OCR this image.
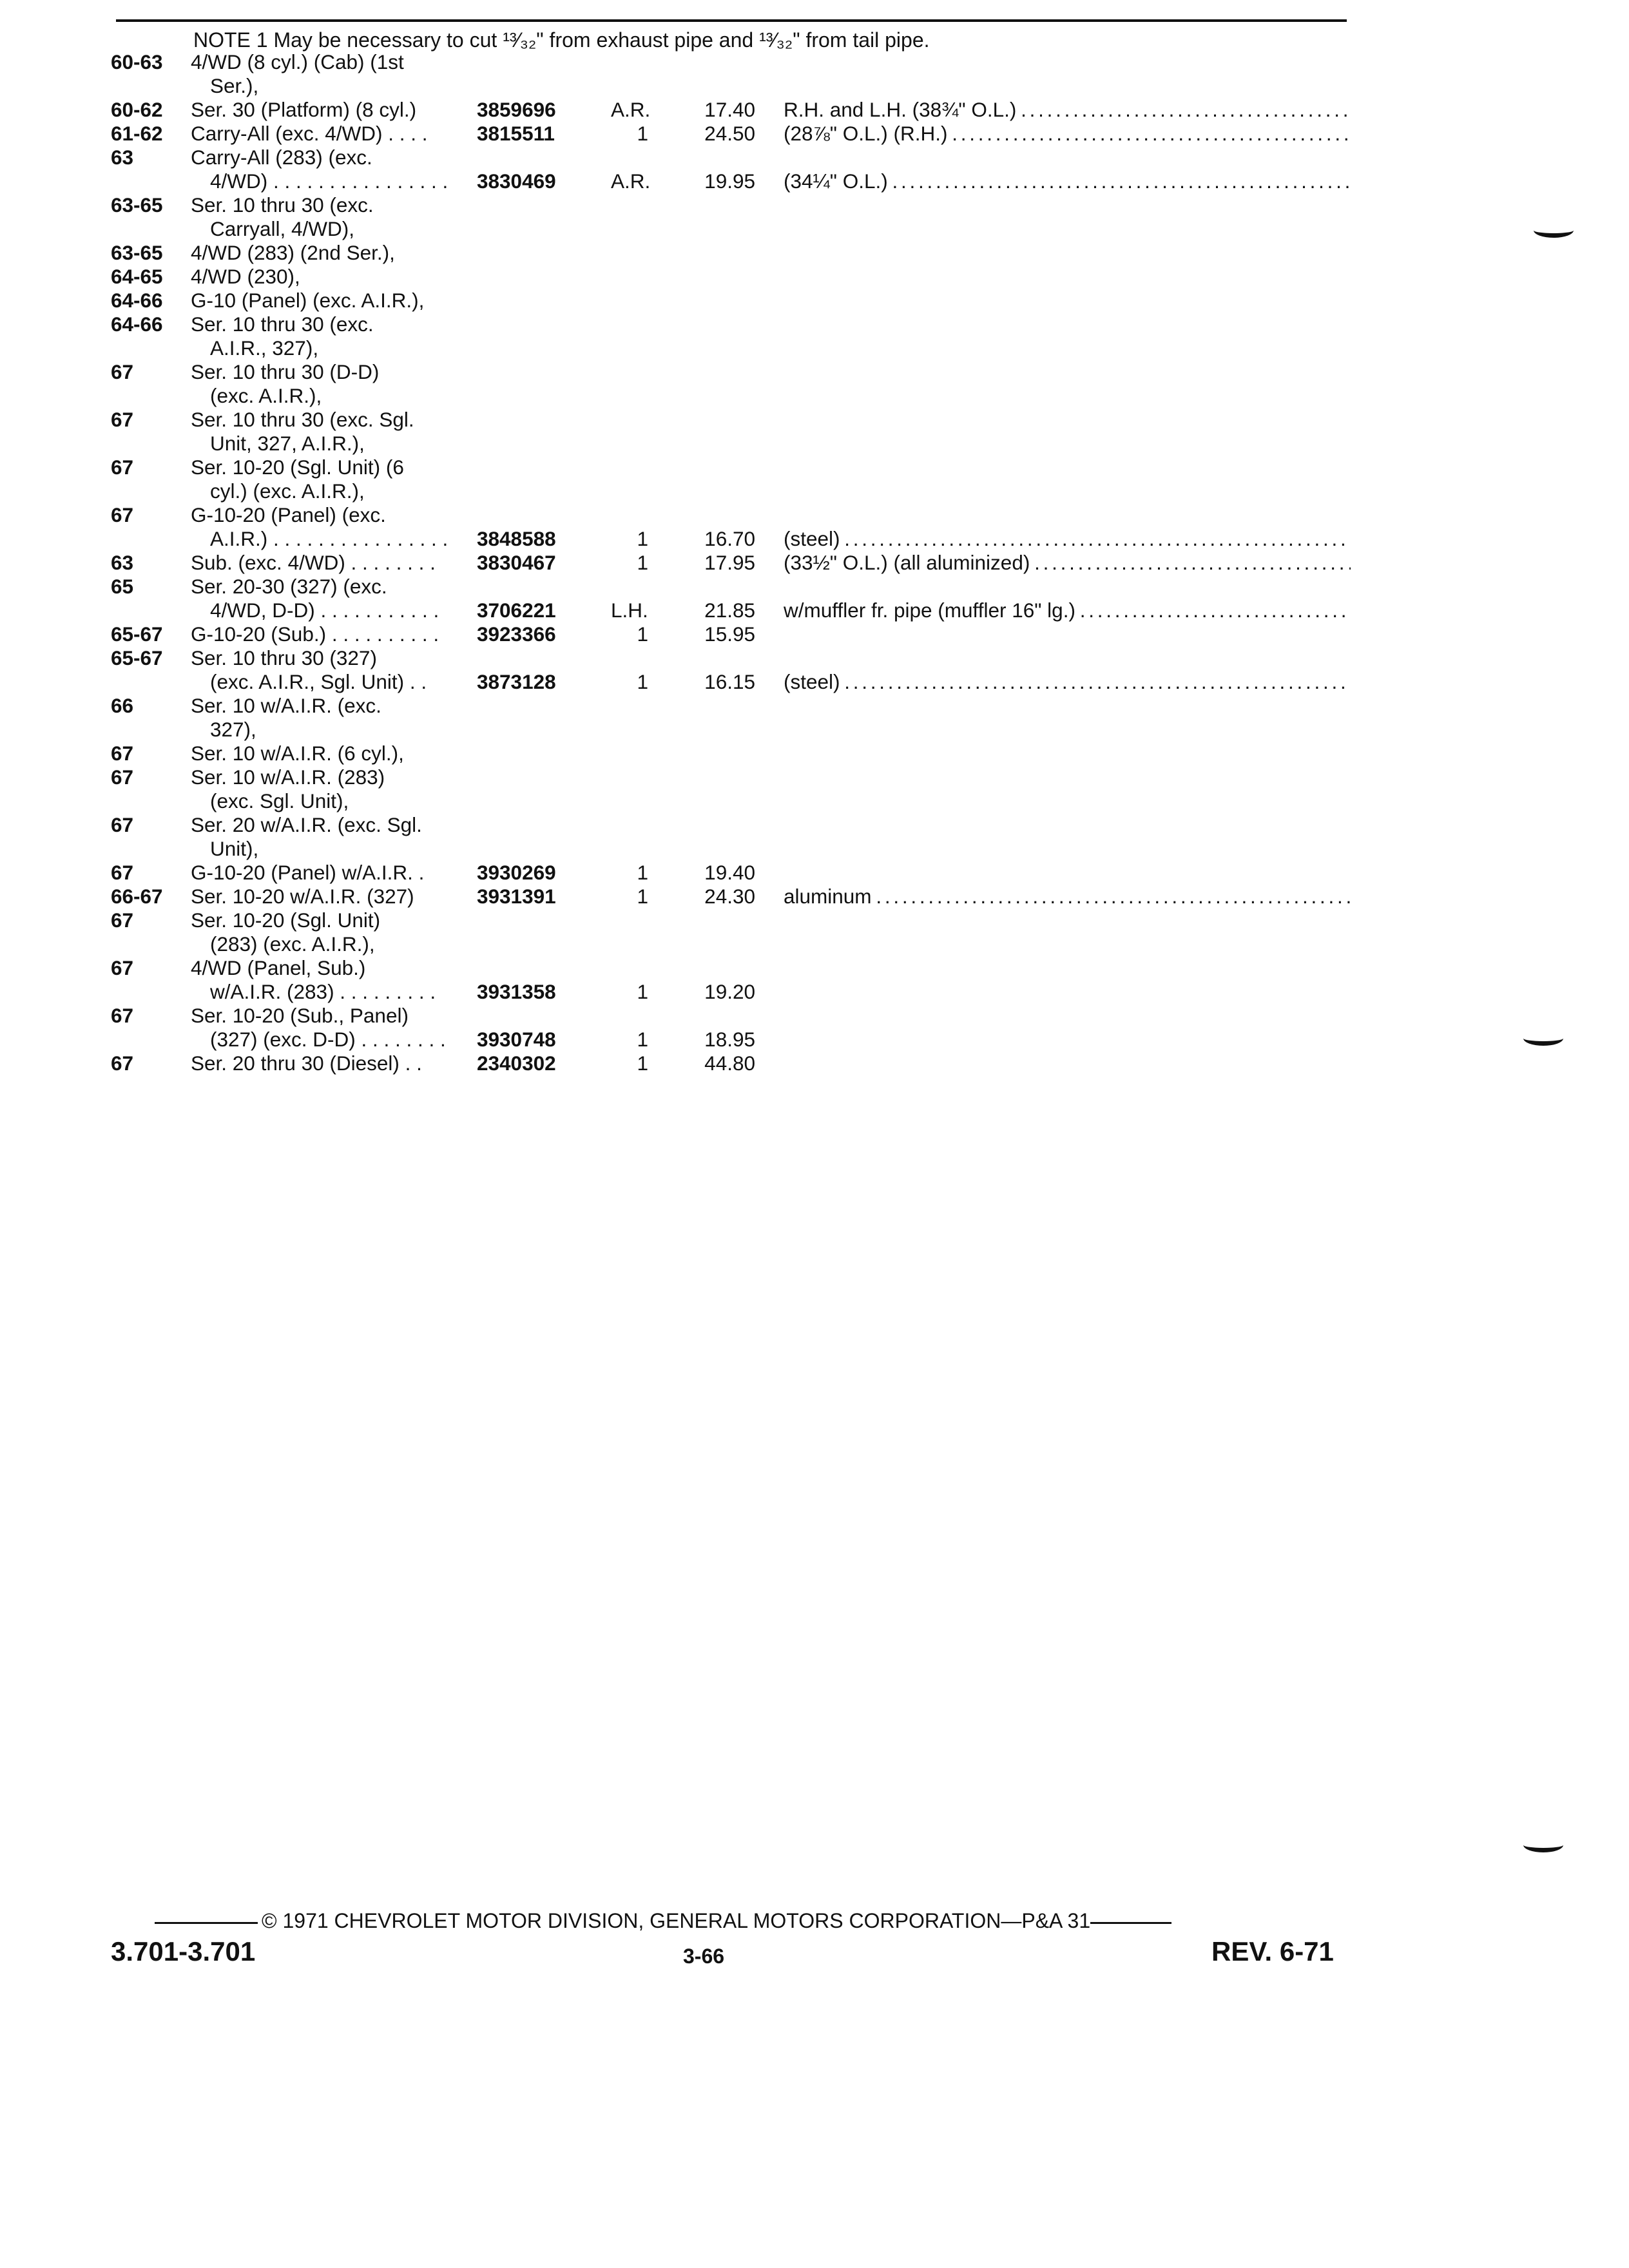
NOTE 1 May be necessary to cut ¹³⁄₃₂" from exhaust pipe and ¹³⁄₃₂" from tail pipe.
60-63 4/WD (8 cyl.) (Cab) (1st
Ser.),
60-62 Ser. 30 (Platform) (8 cyl.)	3859696	A.R.	17.40 R.H. and L.H. (38¾" O.L.) . . .
61-62 Carry-All (exc. 4/WD) . . . .	3815511	1	24.50 (28⅞" O.L.) (R.H.) . . .
63	Carry-All (283) (exc.
4/WD) . . . . . . . . . . . . . . . .	3830469	A.R.	19.95 (34¼" O.L.) . . .
63-65 Ser. 10 thru 30 (exc.
Carryall, 4/WD),
63-65 4/WD (283) (2nd Ser.),
64-65 4/WD (230),
64-66 G-10 (Panel) (exc. A.I.R.),
64-66 Ser. 10 thru 30 (exc.
A.I.R., 327),
67	Ser. 10 thru 30 (D-D)
(exc. A.I.R.),
67	Ser. 10 thru 30 (exc. Sgl.
Unit, 327, A.I.R.),
67	Ser. 10-20 (Sgl. Unit) (6
cyl.) (exc. A.I.R.),
67	G-10-20 (Panel) (exc.
A.I.R.) . . . . . . . . . . . . . . . .	3848588	1	16.70 (steel) . . .
63	Sub. (exc. 4/WD) . . . . . . . .	3830467	1	17.95 (33½" O.L.) (all aluminized) . . .
65	Ser. 20-30 (327) (exc.
4/WD, D-D) . . . . . . . . . . .	3706221	L.H.	21.85 w/muffler fr. pipe (muffler 16" lg.) . . .
65-67 G-10-20 (Sub.) . . . . . . . . . .	3923366	1	15.95
65-67 Ser. 10 thru 30 (327)
(exc. A.I.R., Sgl. Unit) . .	3873128	1	16.15 (steel) . . .
66	Ser. 10 w/A.I.R. (exc.
327),
67	Ser. 10 w/A.I.R. (6 cyl.),
67	Ser. 10 w/A.I.R. (283)
(exc. Sgl. Unit),
67	Ser. 20 w/A.I.R. (exc. Sgl.
Unit),
67	G-10-20 (Panel) w/A.I.R. .	3930269	1	19.40
66-67 Ser. 10-20 w/A.I.R. (327)	3931391	1	24.30 aluminum . . .
67	Ser. 10-20 (Sgl. Unit)
(283) (exc. A.I.R.),
67	4/WD (Panel, Sub.)
w/A.I.R. (283) . . . . . . . . .	3931358	1	19.20
67	Ser. 10-20 (Sub., Panel)
(327) (exc. D-D) . . . . . . . .	3930748	1	18.95
67	Ser. 20 thru 30 (Diesel) . .	2340302	1	44.80
© 1971 CHEVROLET MOTOR DIVISION, GENERAL MOTORS CORPORATION—P&A 31
3.701-3.701	3-66	REV. 6-71
